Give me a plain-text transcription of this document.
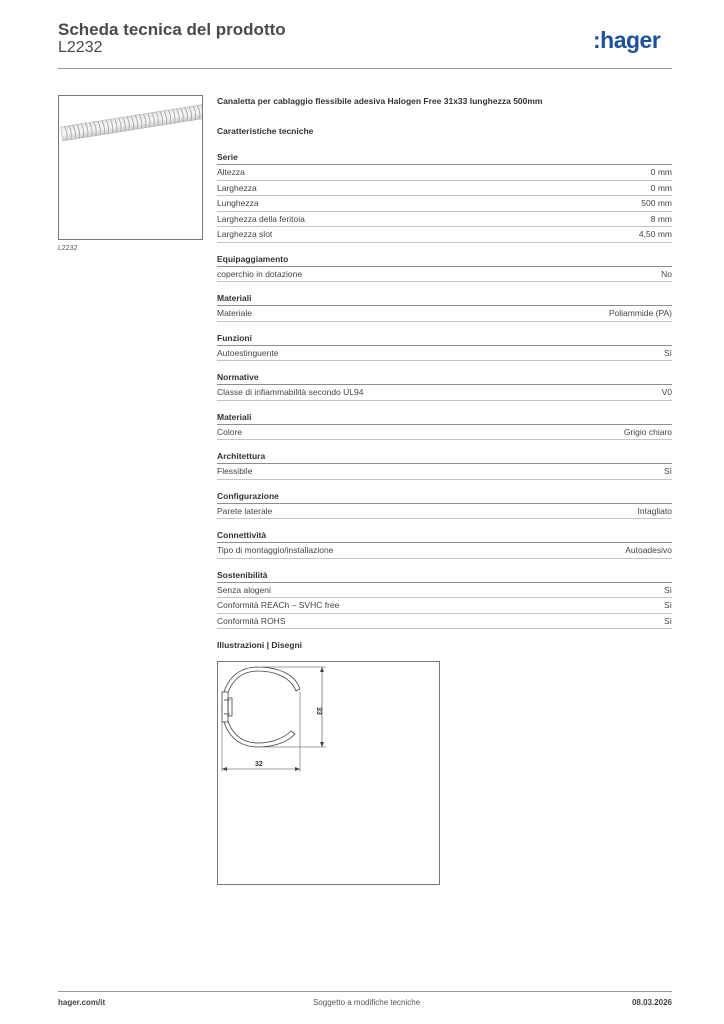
Scheda tecnica del prodotto
L2232	:hager
L2232
Canaletta per cablaggio flessibile adesiva Halogen Free 31x33 lunghezza 500mm
Caratteristiche tecniche
Serie
Altezza	0 mm
Larghezza	0 mm
Lunghezza	500 mm
Larghezza della feritoia	8 mm
Larghezza slot	4,50 mm
Equipaggiamento
coperchio in dotazione	No
Materiali
Materiale	Poliammide (PA)
Funzioni
Autoestinguente	Sì
Normative
Classe di infiammabilità secondo UL94	V0
Materiali
Colore	Grigio chiaro
Architettura
Flessibile	Sì
Configurazione
Parete laterale	Intagliato
Connettività
Tipo di montaggio/installazione	Autoadesivo
Sostenibilità
Senza alogeni	Sì
Conformità REACh – SVHC free	Sì
Conformità ROHS	Sì
Illustrazioni | Disegni
33
32
hager.com/it	Soggetto a modifiche tecniche	08.03.2026
